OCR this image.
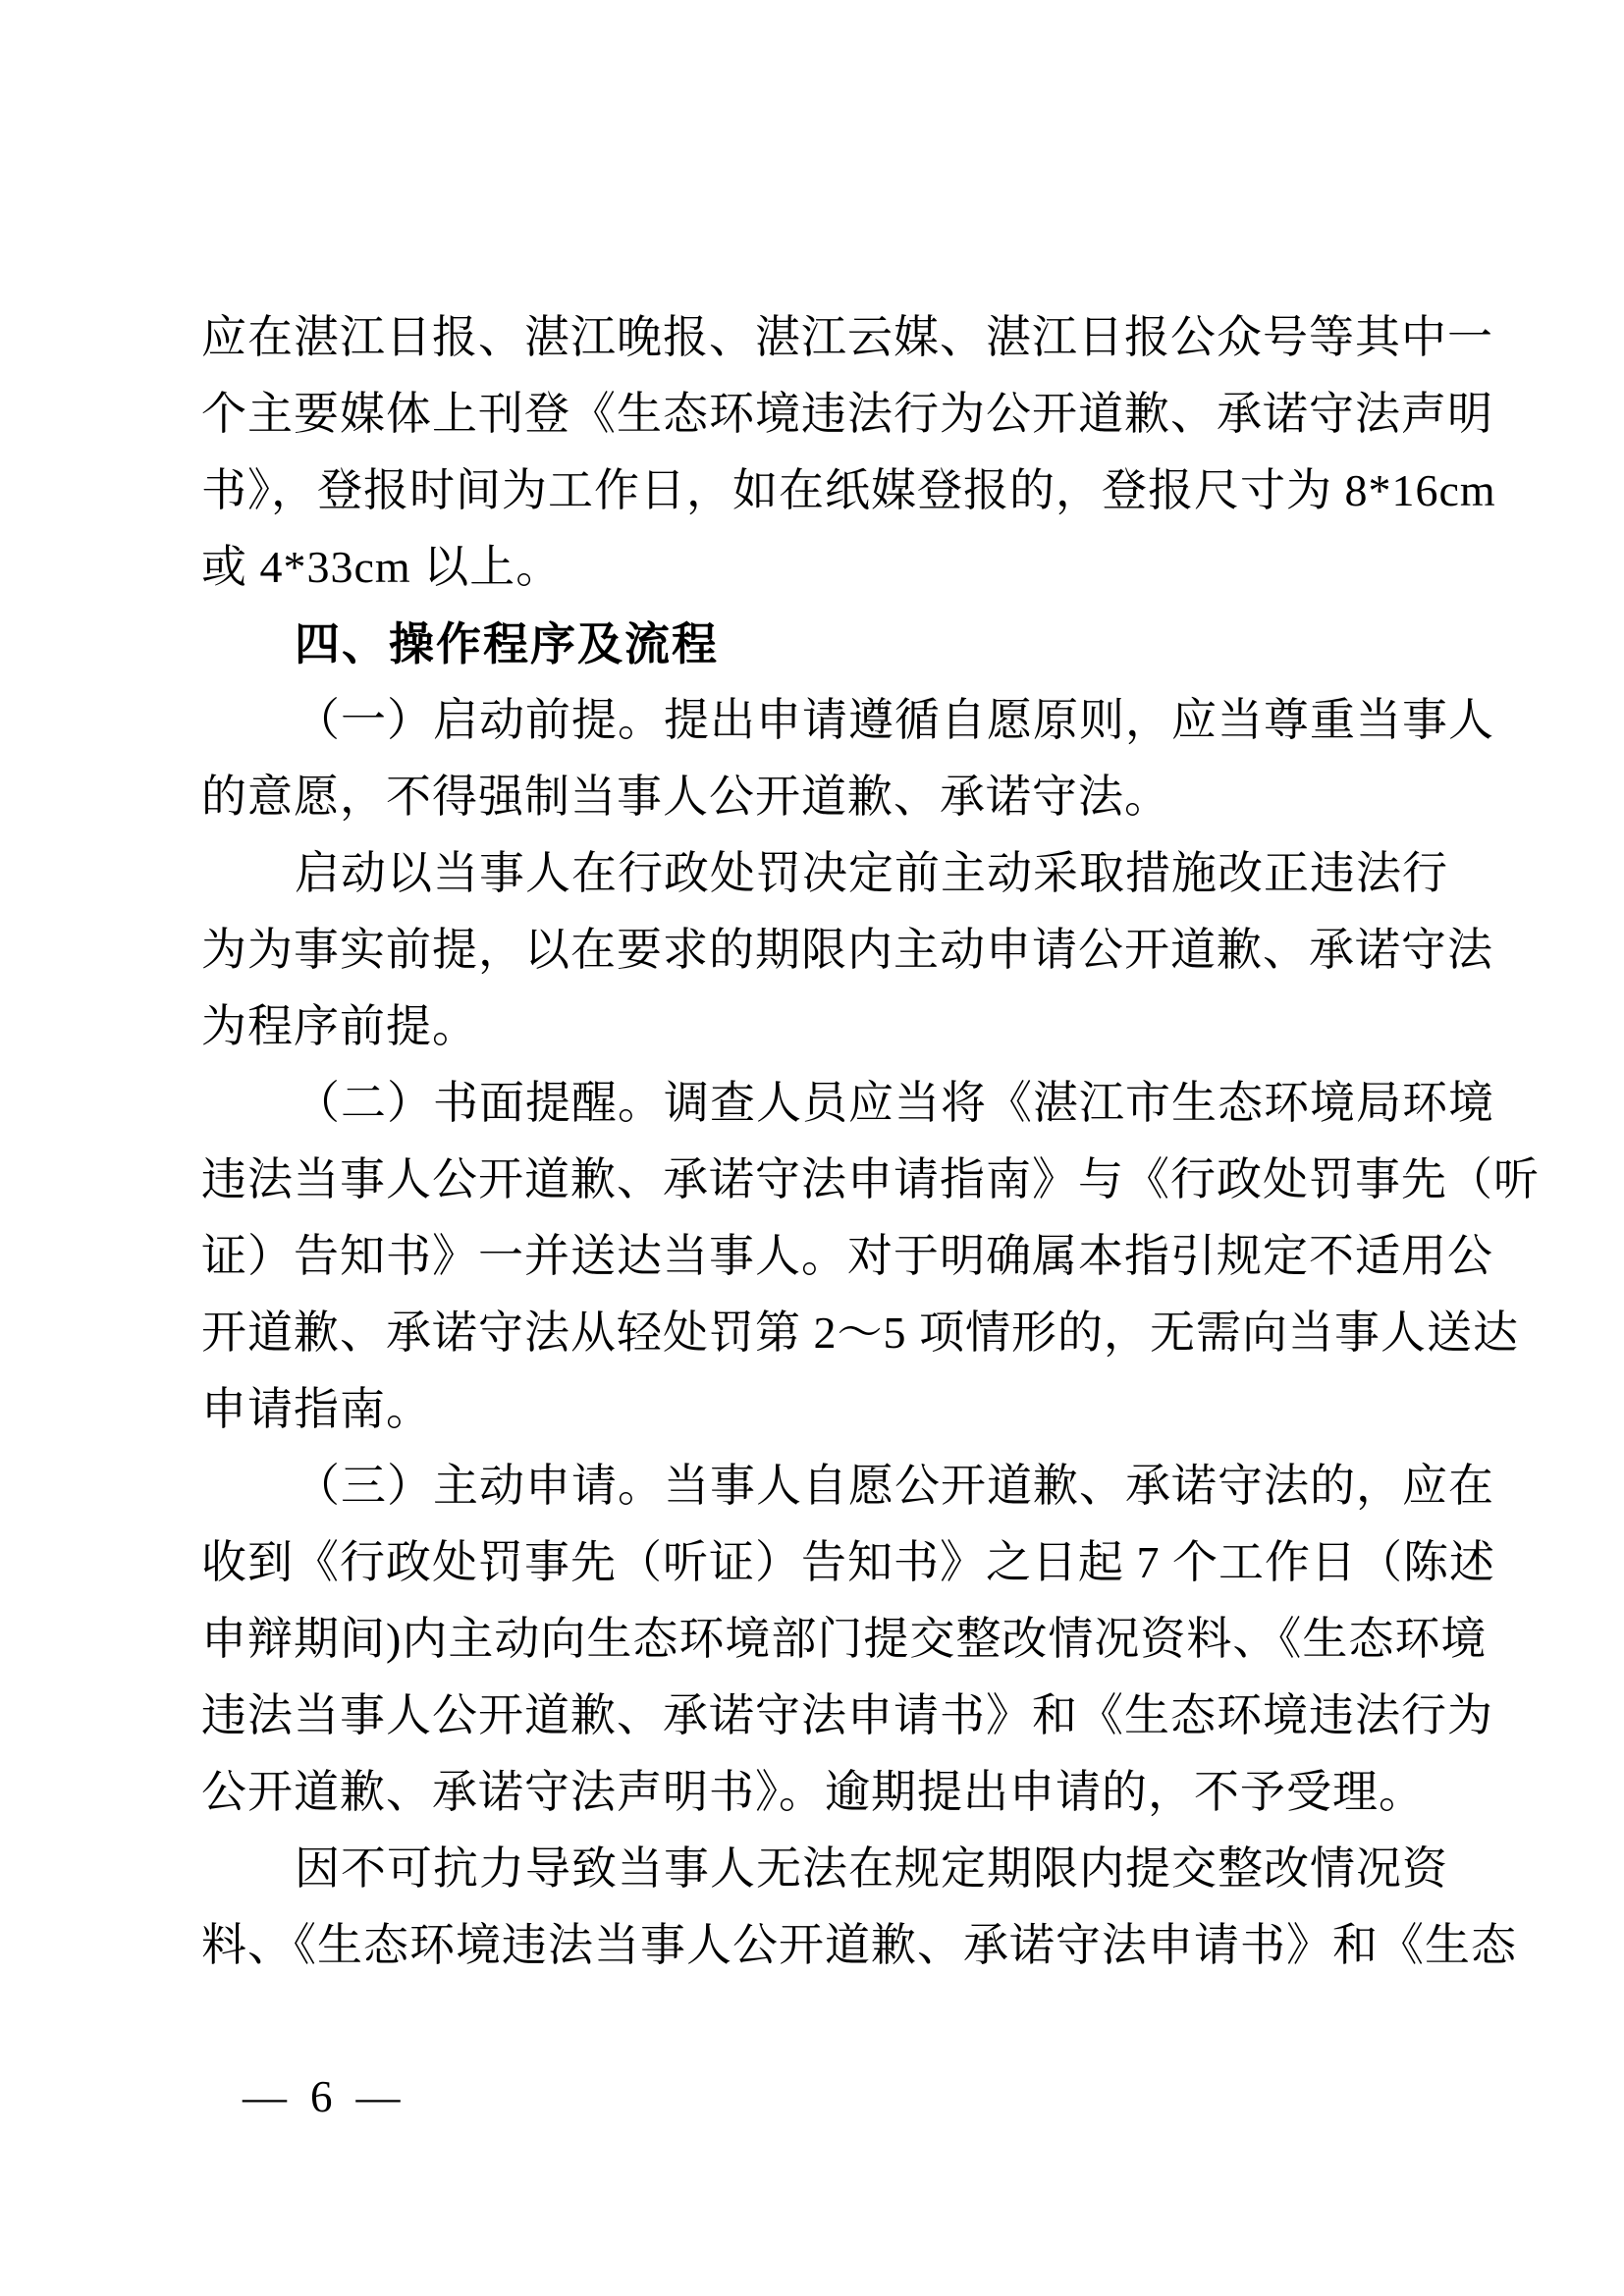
应在湛江日报、湛江晚报、湛江云媒、湛江日报公众号等其中一
个主要媒体上刊登《生态环境违法行为公开道歉、承诺守法声明
书》，登报时间为工作日，如在纸媒登报的，登报尺寸为 8*16cm
或 4*33cm 以上。
四、操作程序及流程
（一）启动前提。提出申请遵循自愿原则，应当尊重当事人
的意愿，不得强制当事人公开道歉、承诺守法。
启动以当事人在行政处罚决定前主动采取措施改正违法行
为为事实前提，以在要求的期限内主动申请公开道歉、承诺守法
为程序前提。
（二）书面提醒。调查人员应当将《湛江市生态环境局环境
违法当事人公开道歉、承诺守法申请指南》与《行政处罚事先（听
证）告知书》一并送达当事人。对于明确属本指引规定不适用公
开道歉、承诺守法从轻处罚第 2～5 项情形的，无需向当事人送达
申请指南。
（三）主动申请。当事人自愿公开道歉、承诺守法的，应在
收到《行政处罚事先（听证）告知书》之日起 7 个工作日（陈述
申辩期间)内主动向生态环境部门提交整改情况资料、《生态环境
违法当事人公开道歉、承诺守法申请书》和《生态环境违法行为
公开道歉、承诺守法声明书》。逾期提出申请的，不予受理。
因不可抗力导致当事人无法在规定期限内提交整改情况资
料、《生态环境违法当事人公开道歉、承诺守法申请书》和《生态
— 6 —
